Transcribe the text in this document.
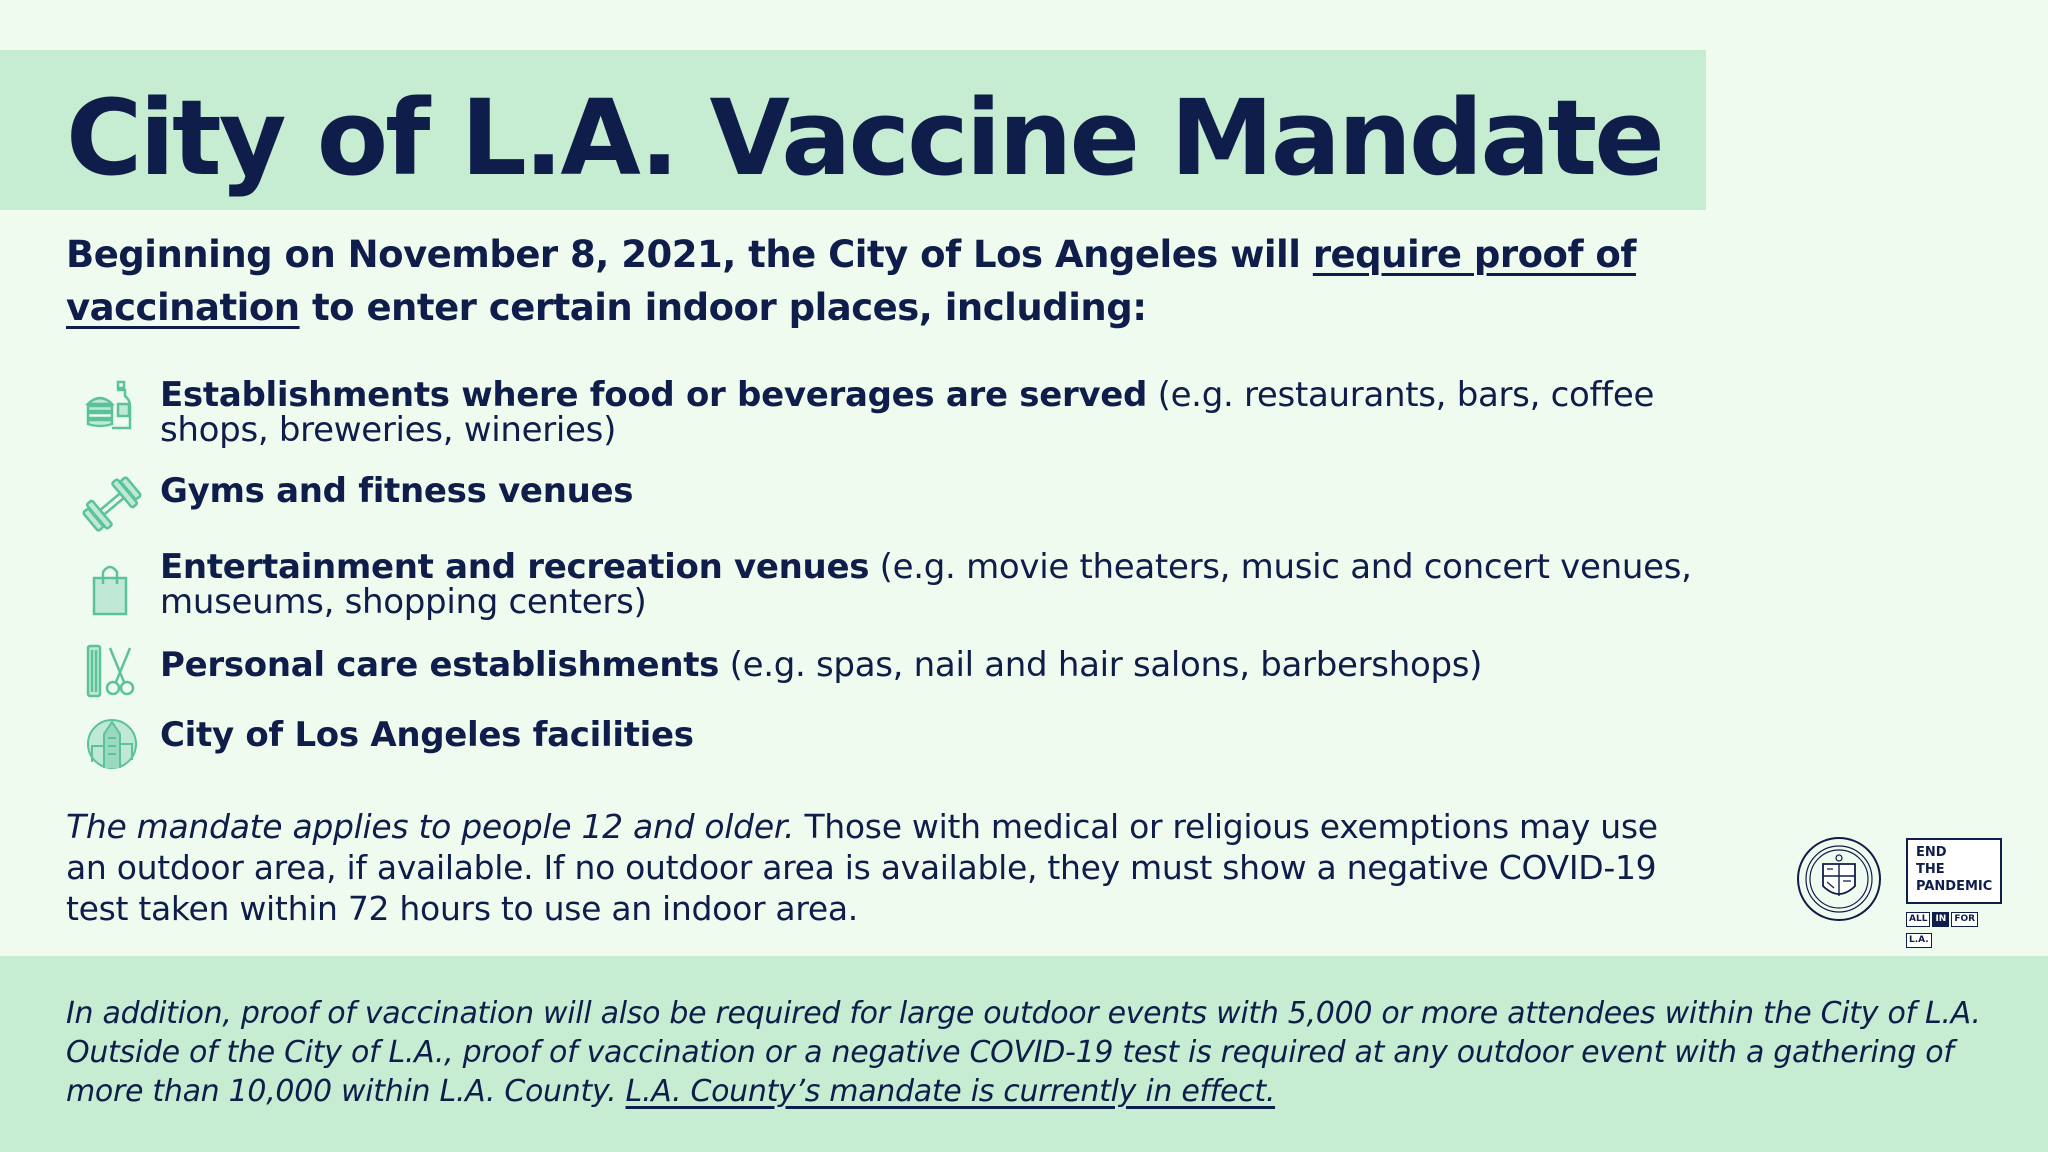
City of L.A. Vaccine Mandate
Beginning on November 8, 2021, the City of Los Angeles will require proof of vaccination to enter certain indoor places, including:
Establishments where food or beverages are served (e.g. restaurants, bars, coffee shops, breweries, wineries)
Gyms and fitness venues
Entertainment and recreation venues (e.g. movie theaters, music and concert venues, museums, shopping centers)
Personal care establishments (e.g. spas, nail and hair salons, barbershops)
City of Los Angeles facilities
The mandate applies to people 12 and older. Those with medical or religious exemptions may use an outdoor area, if available. If no outdoor area is available, they must show a negative COVID-19 test taken within 72 hours to use an indoor area.
END
THE
PANDEMIC
ALL IN FORL.A.
In addition, proof of vaccination will also be required for large outdoor events with 5,000 or more attendees within the City of L.A. Outside of the City of L.A., proof of vaccination or a negative COVID-19 test is required at any outdoor event with a gathering of more than 10,000 within L.A. County. L.A. County’s mandate is currently in effect.
